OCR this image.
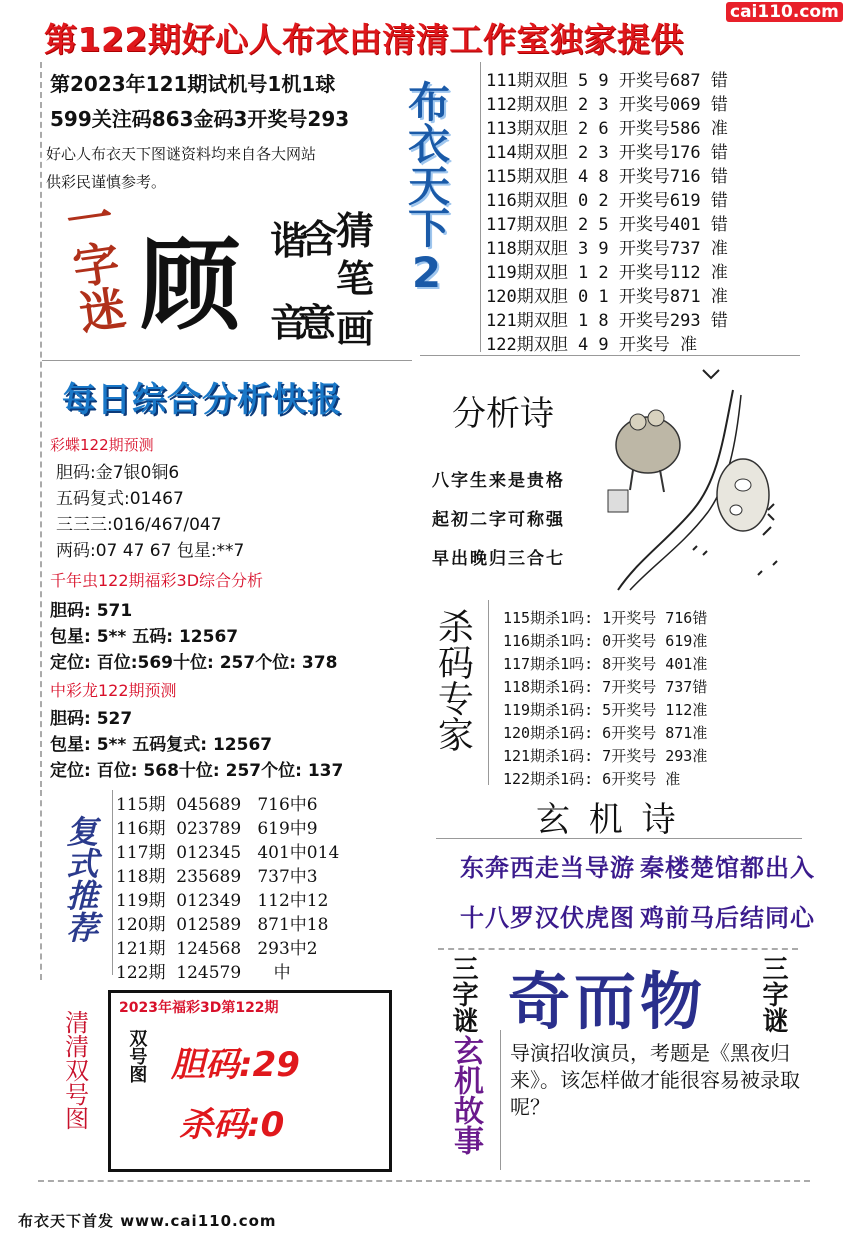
第122期好心人布衣由清清工作室独家提供
cai110.com
第2023年121期试机号1机1球
599关注码863金码3开奖号293
好心人布衣天下图谜资料均来自各大网站
供彩民谨慎参考。
一字迷 顾	猜
笔
画
含
意
音
谐 布衣天下2 111期双胆 5 9 开奖号687 错
112期双胆 2 3 开奖号069 错
113期双胆 2 6 开奖号586 准
114期双胆 2 3 开奖号176 错
115期双胆 4 8 开奖号716 错
116期双胆 0 2 开奖号619 错
117期双胆 2 5 开奖号401 错
118期双胆 3 9 开奖号737 准
119期双胆 1 2 开奖号112 准
120期双胆 0 1 开奖号871 准
121期双胆 1 8 开奖号293 错
122期双胆 4 9 开奖号 准
每日综合分析快报
彩蝶122期预测
胆码:金7银0铜6
五码复式:01467
三三三:016/467/047
两码:07 47 67 包星:**7
千年虫122期福彩3D综合分析
胆码: 571
包星: 5** 五码: 12567
定位: 百位:569十位: 257个位: 378
中彩龙122期预测
胆码: 527
包星: 5** 五码复式: 12567
定位: 百位: 568十位: 257个位: 137
分析诗
八字生来是贵格
起初二字可称强
早出晚归三合七
杀码专家 115期杀1吗: 1开奖号 716错
116期杀1吗: 0开奖号 619准
117期杀1吗: 8开奖号 401准
118期杀1码: 7开奖号 737错
119期杀1码: 5开奖号 112准
120期杀1码: 6开奖号 871准
121期杀1码: 7开奖号 293准
122期杀1码: 6开奖号 准
复式推荐
115期  045689   716中6
116期  023789   619中9
117期  012345   401中014
118期  235689   737中3
119期  012349   112中12
120期  012589   871中18
121期  124568   293中2
122期  124579      中
玄 机 诗
东奔西走当导游 秦楼楚馆都出入
十八罗汉伏虎图 鸡前马后结同心
三字谜	三字谜
奇而物
玄机故事 导演招收演员，考题是《黑夜归来》。该怎样做才能很容易被录取呢？
清清双号图
2023年福彩3D第122期
双号图 胆码:29
杀码:0
布衣天下首发 www.cai110.com
